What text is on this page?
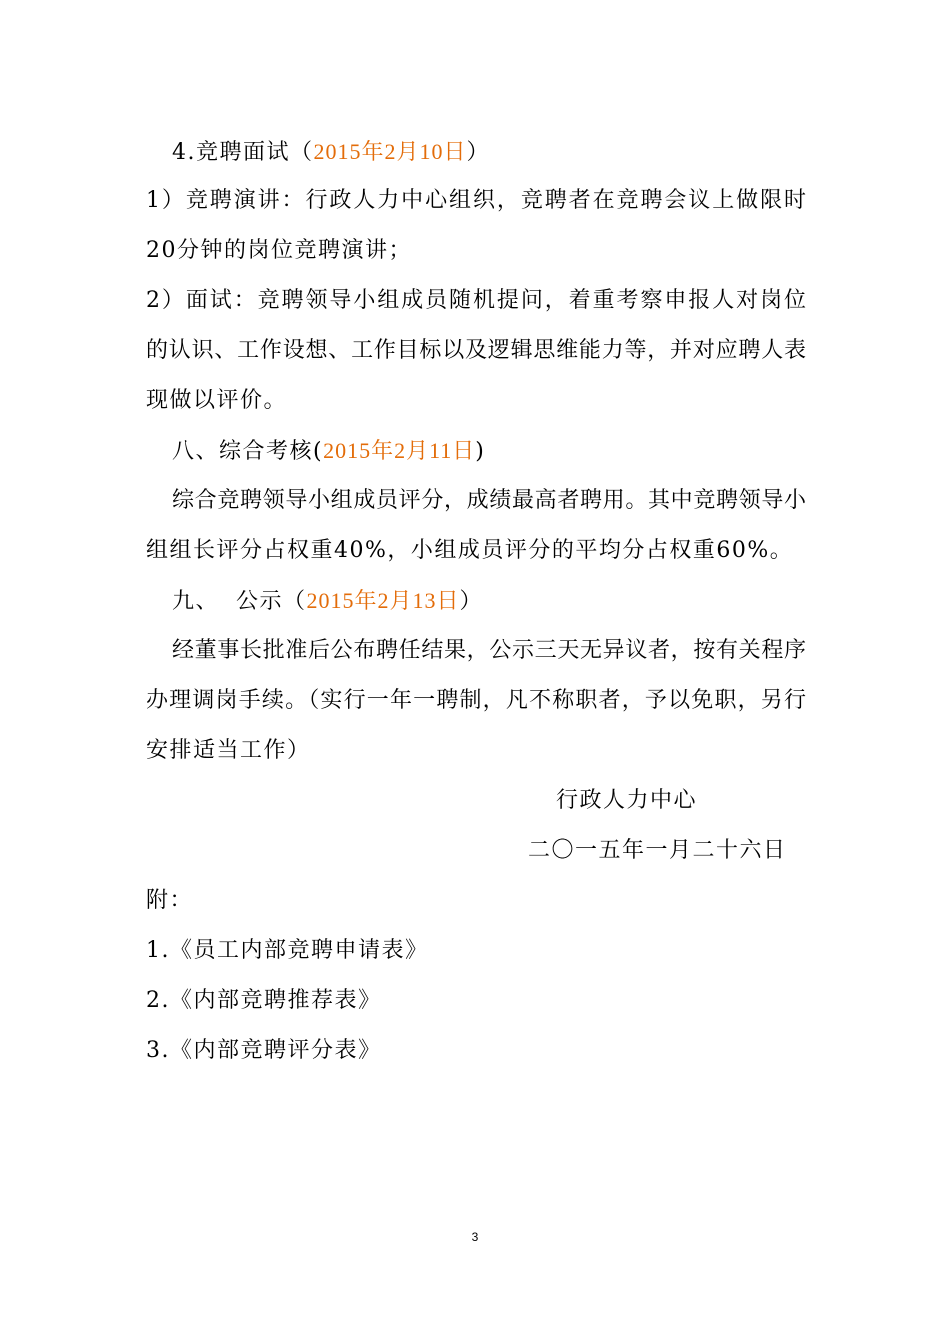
4.竞聘面试（2015年2月10日）
1）竞聘演讲：行政人力中心组织，竞聘者在竞聘会议上做限时
20分钟的岗位竞聘演讲；
2）面试：竞聘领导小组成员随机提问，着重考察申报人对岗位
的认识、工作设想、工作目标以及逻辑思维能力等，并对应聘人表
现做以评价。
八、综合考核(2015年2月11日)
综合竞聘领导小组成员评分，成绩最高者聘用。其中竞聘领导小
组组长评分占权重40%，小组成员评分的平均分占权重60%。
九、  公示（2015年2月13日）
经董事长批准后公布聘任结果，公示三天无异议者，按有关程序
办理调岗手续。（实行一年一聘制，凡不称职者，予以免职，另行
安排适当工作）
行政人力中心
二〇一五年一月二十六日
附：
1.《员工内部竞聘申请表》
2.《内部竞聘推荐表》
3.《内部竞聘评分表》
3
